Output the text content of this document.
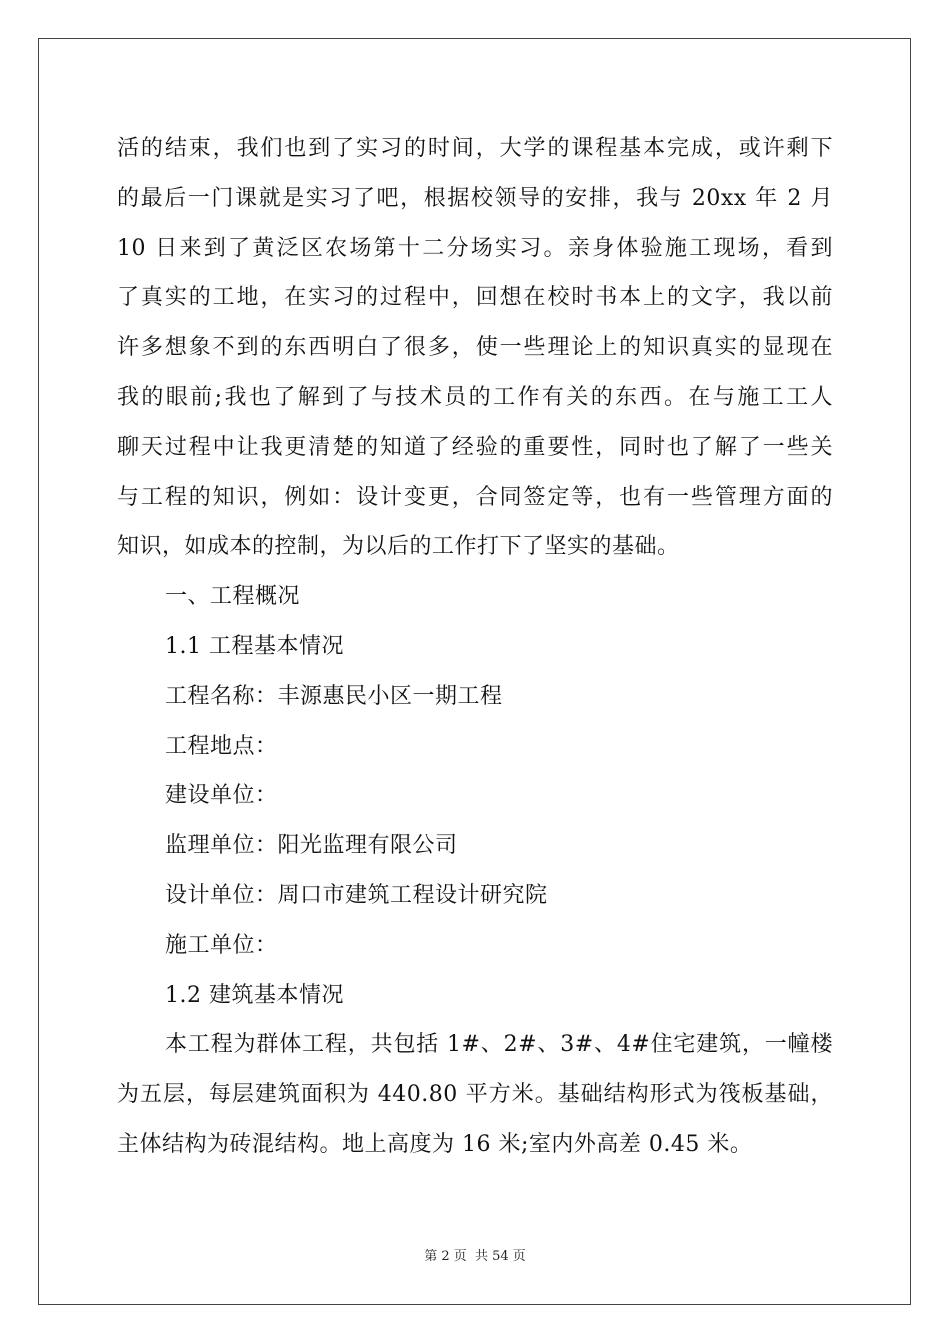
活的结束，我们也到了实习的时间，大学的课程基本完成，或许剩下
的最后一门课就是实习了吧，根据校领导的安排，我与 20xx 年 2 月
10 日来到了黄泛区农场第十二分场实习。亲身体验施工现场，看到
了真实的工地，在实习的过程中，回想在校时书本上的文字，我以前
许多想象不到的东西明白了很多，使一些理论上的知识真实的显现在
我的眼前;我也了解到了与技术员的工作有关的东西。在与施工工人
聊天过程中让我更清楚的知道了经验的重要性，同时也了解了一些关
与工程的知识，例如：设计变更，合同签定等，也有一些管理方面的
知识，如成本的控制，为以后的工作打下了坚实的基础。
一、工程概况
1.1 工程基本情况
工程名称：丰源惠民小区一期工程
工程地点：
建设单位：
监理单位：阳光监理有限公司
设计单位：周口市建筑工程设计研究院
施工单位：
1.2 建筑基本情况
本工程为群体工程，共包括 1#、2#、3#、4#住宅建筑，一幢楼
为五层，每层建筑面积为 440.80 平方米。基础结构形式为筏板基础，
主体结构为砖混结构。地上高度为 16 米;室内外高差 0.45 米。
第 2 页 共 54 页
